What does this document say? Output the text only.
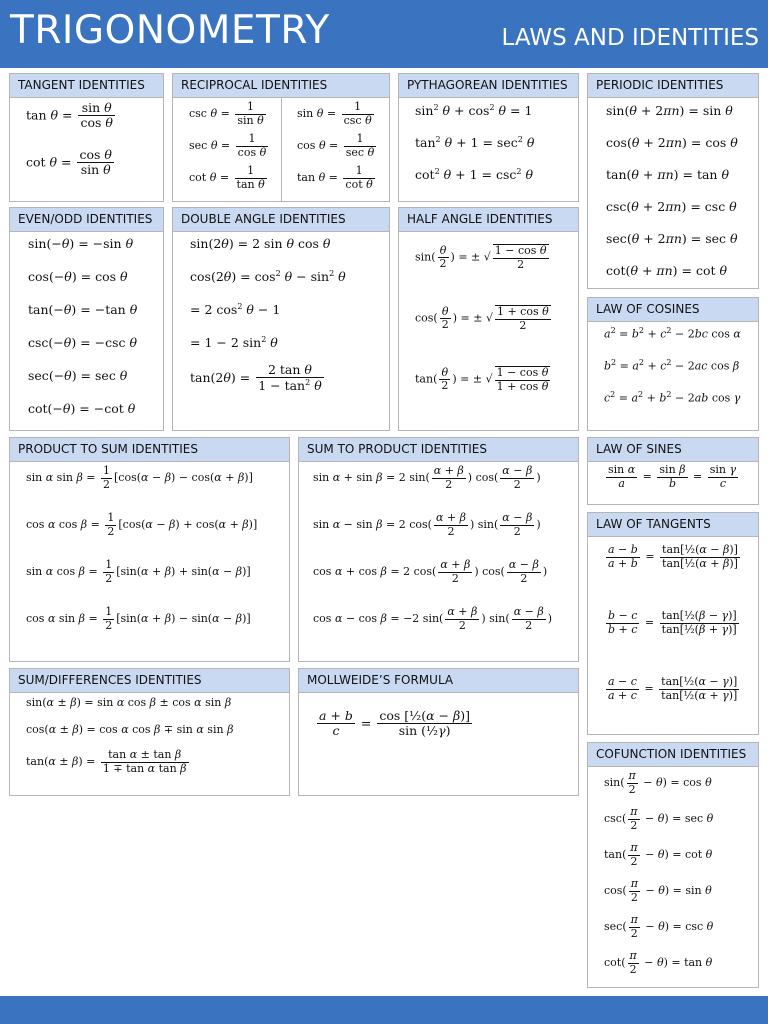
TRIGONOMETRY	LAWS AND IDENTITIES
TANGENT IDENTITIES
$\tan \theta = \frac{\text{sin θ}}{\text{cos θ}}$
$\cot \theta = \frac{\text{cos θ}}{\text{sin θ}}$
RECIPROCAL IDENTITIES
$\csc \theta = \frac{1}{\text{sin θ}}$
$\sec \theta = \frac{1}{\text{cos θ}}$
$\cot \theta = \frac{1}{\text{tan θ}}$
sin θ =
1
csc θ
cos θ =
1
sec θ
$\tan \theta = \frac{1}{\text{cot θ}}$
PYTHAGOREAN IDENTITIES
$\sin^2 \theta + \cos^2 \theta = 1$
$\tan^2 \theta + 1 = \sec^2 \theta$
$\cot^2 \theta + 1 = \csc^2 \theta$
PERIODIC IDENTITIES
sin(θ + 2πn) = sin θ
cos(θ + 2πn) = cos θ
tan(θ + πn) = tan θ
csc(θ + 2πn) = csc θ
sec(θ + 2πn) = sec θ
cot(θ + πn) = cot θ
EVEN/ODD IDENTITIES
sin(−θ) = −sin θ
cos(−θ) = cos θ
tan(−θ) = −tan θ
csc(−θ) = −csc θ
sec(−θ) = sec θ
cot(−θ) = −cot θ
DOUBLE ANGLE IDENTITIES
sin(2θ) = 2 sin θ cos θ
$\cos(2\theta) = \cos^2 \theta - \sin^2 \theta$
= 2 $\cos^2 \theta - 1$
= 1 − 2 $\sin^2 \theta$
$\tan(2\theta) = \frac{\text{2 tan θ}}{1 - \tan^2 \theta}$
HALF ANGLE IDENTITIES
$\sin( \frac{\theta}{2}$ ) = ± √ $\frac{\text{1 − cos θ}}{2}$
$\cos( \frac{\theta}{2}$ ) = ± √ $\frac{\text{1 + cos θ}}{2}$
$\tan( \frac{\theta}{2}$ ) = ± √ $\frac{\text{1 − cos θ}}{\text{1 + cos θ}}$
LAW OF COSINES
$a^2 = b^2 + c^2 - 2bc$ cos α
$b^2 = a^2 + c^2 - 2ac$ cos β
$c^2 = a^2 + b^2 - 2ab$ cos γ
PRODUCT TO SUM IDENTITIES
sin α $\sin \beta = \frac{1}{2} [\cos(\alpha - \beta) - \cos(\alpha + \beta)]$
cos α $\cos \beta = \frac{1}{2} [\cos(\alpha - \beta) + \cos(\alpha + \beta)]$
sin α $\cos \beta = \frac{1}{2} [\sin(\alpha + \beta) + \sin(\alpha - \beta)]$
cos α $\sin \beta = \frac{1}{2} [\sin(\alpha + \beta) - \sin(\alpha - \beta)]$
SUM TO PRODUCT IDENTITIES
sin α + sin β = 2 $\sin( \frac{\alpha + \beta}{2}$ ) $\cos( \frac{\alpha - \beta}{2}$ )
sin α − sin β = 2 $\cos( \frac{\alpha + \beta}{2}$ ) $\sin( \frac{\alpha - \beta}{2}$ )
cos α + cos β = 2 $\cos( \frac{\alpha + \beta}{2}$ ) $\cos( \frac{\alpha - \beta}{2}$ )
cos α − cos β = −2 $\sin( \frac{\alpha + \beta}{2}$ ) $\sin( \frac{\alpha - \beta}{2}$ )
LAW OF SINES
$\frac{\text{sin α}}{a} = \frac{\text{sin β}}{b} = \frac{\text{sin γ}}{c}$
LAW OF TANGENTS
$\frac{a - b}{a + b} = \frac{\text{tan[½(α − β)]}}{\text{tan[½(α + β)]}}$
$\frac{b - c}{b + c} = \frac{\text{tan[½(β − γ)]}}{\text{tan[½(β + γ)]}}$
$\frac{a - c}{a + c} = \frac{\text{tan[½(α − γ)]}}{\text{tan[½(α + γ)]}}$
SUM/DIFFERENCES IDENTITIES
sin(α ± β) = sin α cos β ± cos α sin β
cos(α ± β) = cos α cos β ∓ sin α sin β
$\tan(\alpha \pm \beta) = \frac{\text{tan α ± tan β}}{\text{1 ∓ tan α tan β}}$
MOLLWEIDE’S FORMULA
$\frac{a + b}{c} = \frac{\text{cos [½(α − β)]}}{\text{sin (½γ)}}$
COFUNCTION IDENTITIES
$\sin( \frac{\pi}{2} - \theta) = \cos \theta$
$\csc( \frac{\pi}{2} - \theta) = \sec \theta$
$\tan( \frac{\pi}{2} - \theta) = \cot \theta$
$\cos( \frac{\pi}{2} - \theta) = \sin \theta$
$\sec( \frac{\pi}{2} - \theta) = \csc \theta$
$\cot( \frac{\pi}{2} - \theta) = \tan \theta$
